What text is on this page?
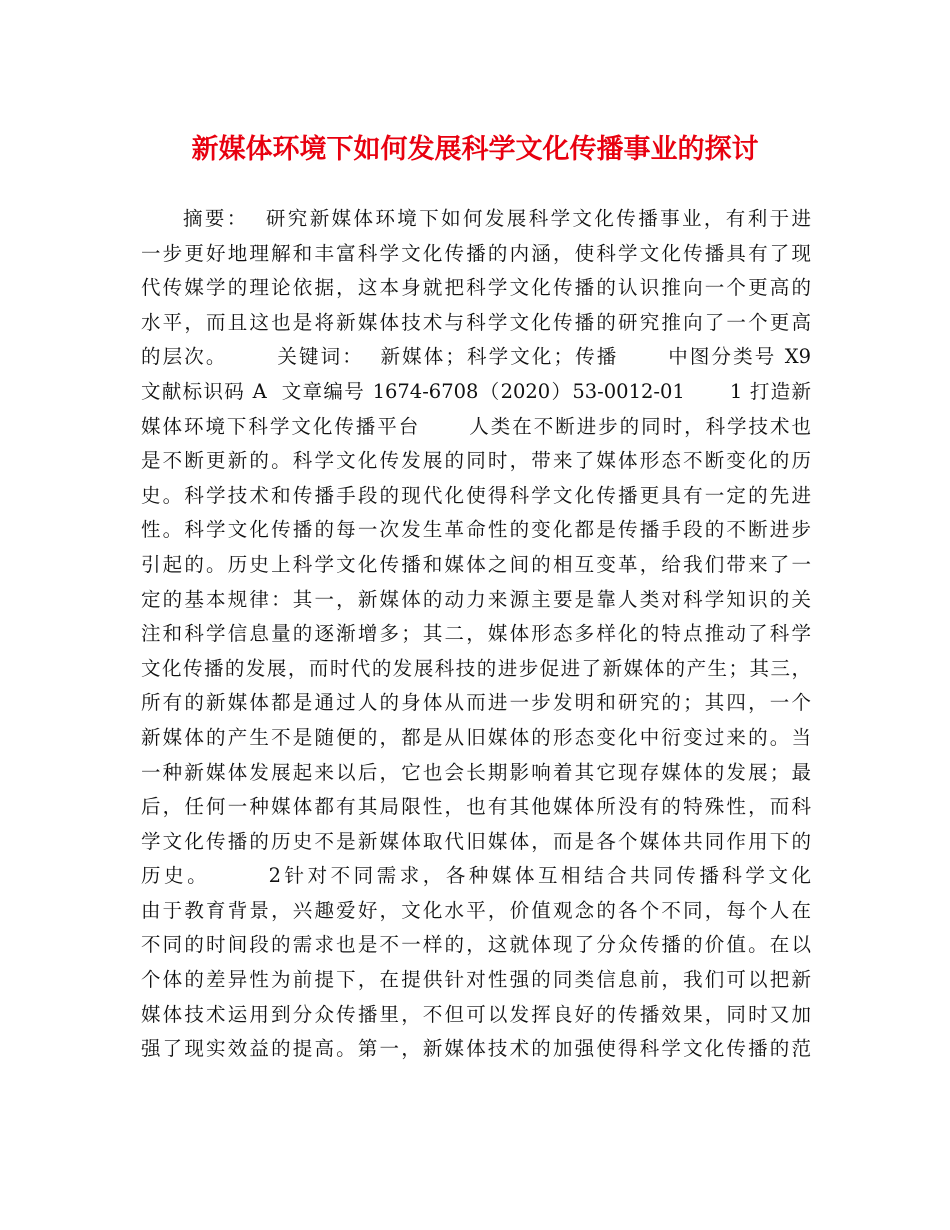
新媒体环境下如何发展科学文化传播事业的探讨
摘要：  研究新媒体环境下如何发展科学文化传播事业，有利于进
一步更好地理解和丰富科学文化传播的内涵，使科学文化传播具有了现
代传媒学的理论依据，这本身就把科学文化传播的认识推向一个更高的
水平，而且这也是将新媒体技术与科学文化传播的研究推向了一个更高
的层次。      关键词：  新媒体；科学文化；传播      中图分类号 X9
文献标识码 A  文章编号 1674-6708（2020）53-0012-01      1 打造新
媒体环境下科学文化传播平台      人类在不断进步的同时，科学技术也
是不断更新的。科学文化传发展的同时，带来了媒体形态不断变化的历
史。科学技术和传播手段的现代化使得科学文化传播更具有一定的先进
性。科学文化传播的每一次发生革命性的变化都是传播手段的不断进步
引起的。历史上科学文化传播和媒体之间的相互变革，给我们带来了一
定的基本规律：其一，新媒体的动力来源主要是靠人类对科学知识的关
注和科学信息量的逐渐增多；其二，媒体形态多样化的特点推动了科学
文化传播的发展，而时代的发展科技的进步促进了新媒体的产生；其三，
所有的新媒体都是通过人的身体从而进一步发明和研究的；其四，一个
新媒体的产生不是随便的，都是从旧媒体的形态变化中衍变过来的。当
一种新媒体发展起来以后，它也会长期影响着其它现存媒体的发展；最
后，任何一种媒体都有其局限性，也有其他媒体所没有的特殊性，而科
学文化传播的历史不是新媒体取代旧媒体，而是各个媒体共同作用下的
历史。      2针对不同需求，各种媒体互相结合共同传播科学文化
由于教育背景，兴趣爱好，文化水平，价值观念的各个不同，每个人在
不同的时间段的需求也是不一样的，这就体现了分众传播的价值。在以
个体的差异性为前提下，在提供针对性强的同类信息前，我们可以把新
媒体技术运用到分众传播里，不但可以发挥良好的传播效果，同时又加
强了现实效益的提高。第一，新媒体技术的加强使得科学文化传播的范
